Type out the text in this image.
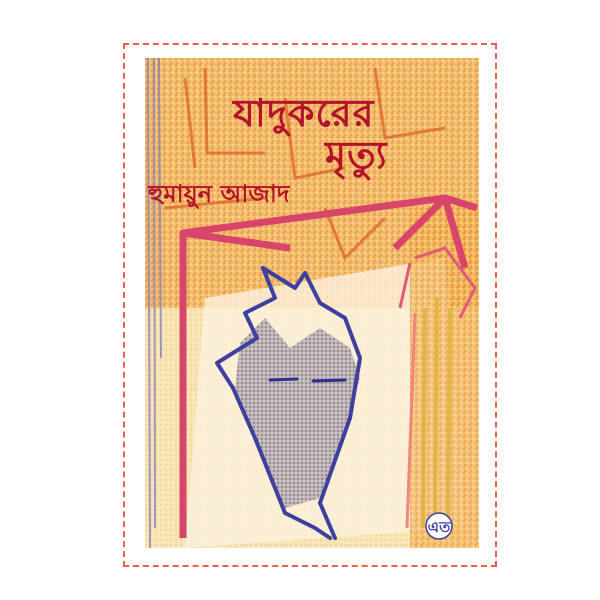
এত
যাদুকরের
মৃত্যু
হুমায়ুন আজাদ
